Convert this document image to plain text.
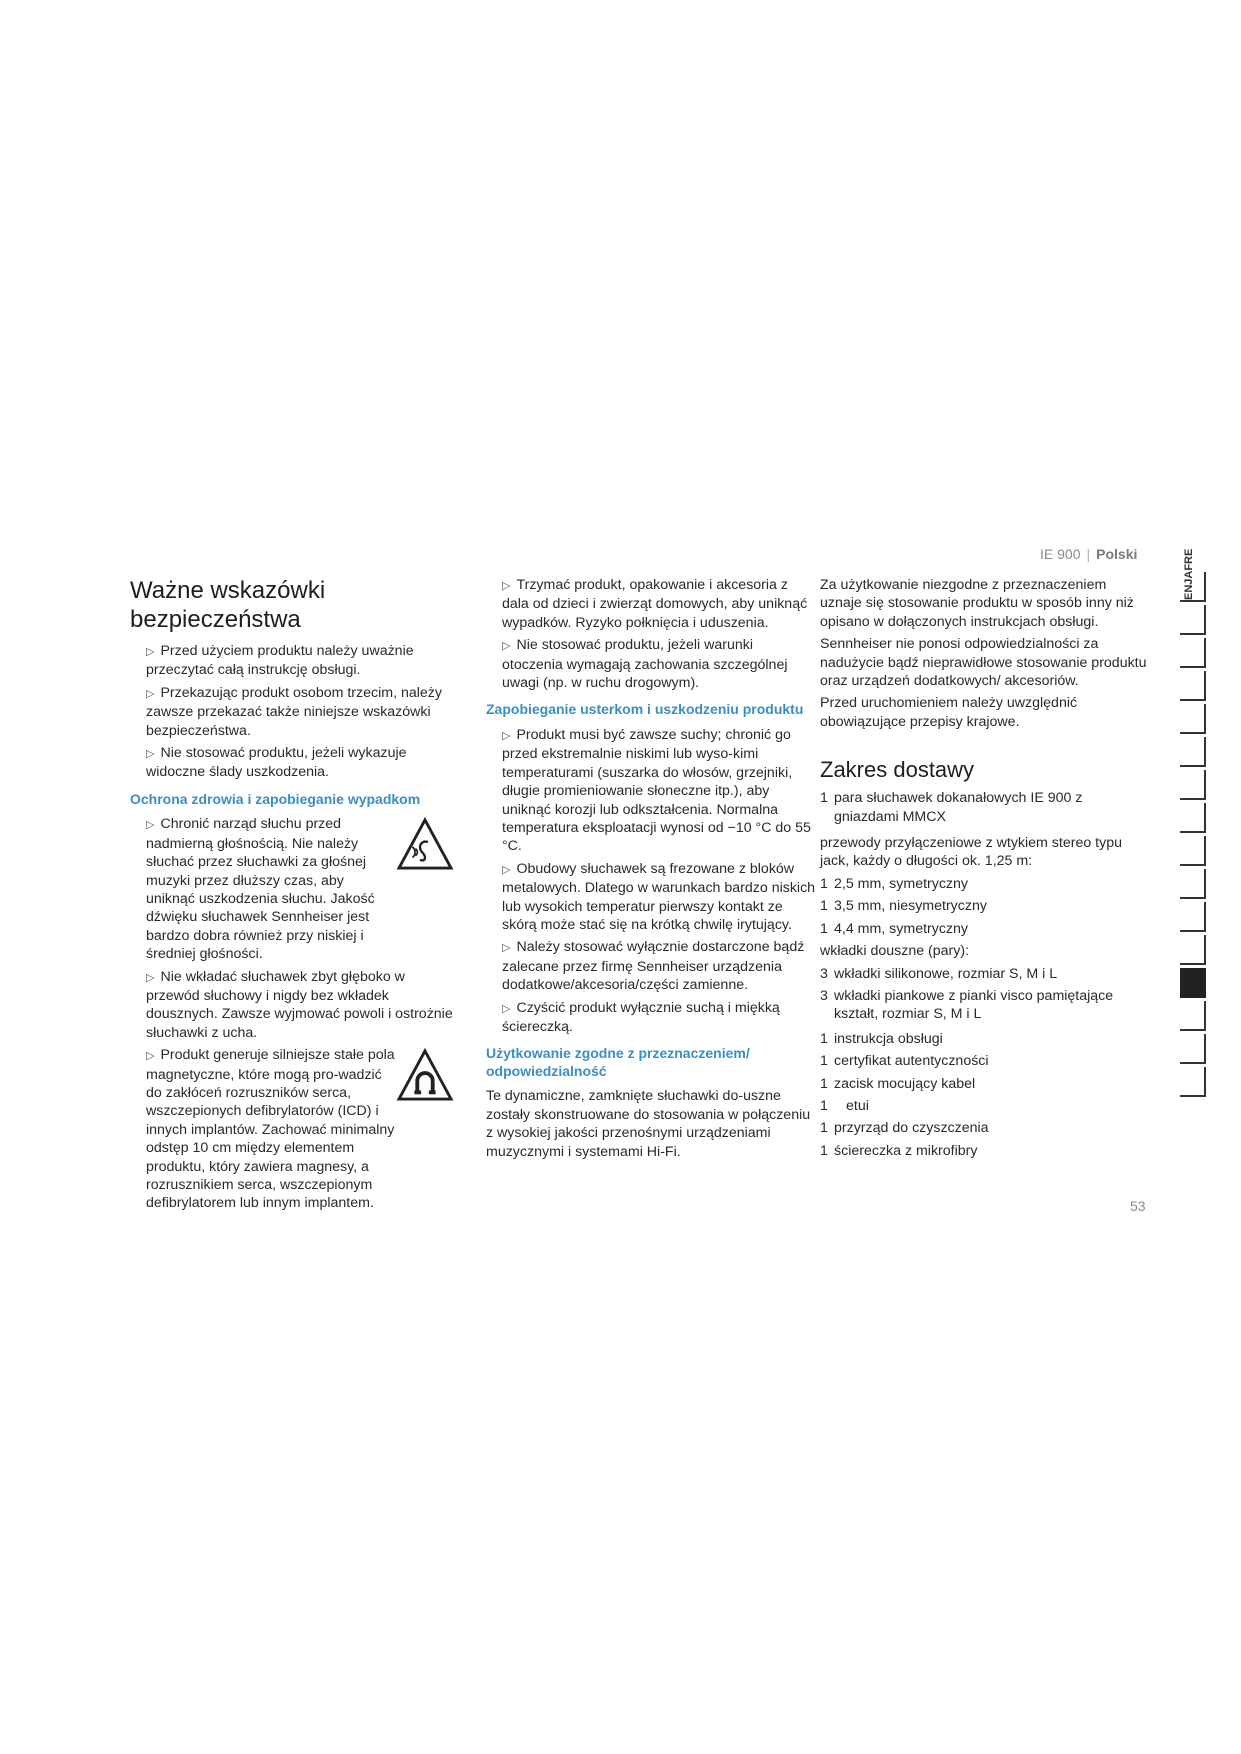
IE 900 | Polski
Ważne wskazówki bezpieczeństwa

▷ Przed użyciem produktu należy uważnie przeczytać całą instrukcję obsługi.

▷ Przekazując produkt osobom trzecim, należy zawsze przekazać także niniejsze wskazówki bezpieczeństwa.

▷ Nie stosować produktu, jeżeli wykazuje widoczne ślady uszkodzenia.

Ochrona zdrowia i zapobieganie wypadkom

▷ Chronić narząd słuchu przed nadmierną głośnością. Nie należy słuchać przez słuchawki za głośnej muzyki przez dłuższy czas, aby uniknąć uszkodzenia słuchu. Jakość dźwięku słuchawek Sennheiser jest bardzo dobra również przy niskiej i średniej głośności.

▷ Nie wkładać słuchawek zbyt głęboko w przewód słuchowy i nigdy bez wkładek dousznych. Zawsze wyjmować powoli i ostrożnie słuchawki z ucha.

▷ Produkt generuje silniejsze stałe pola magnetyczne, które mogą pro-wadzić do zakłóceń rozruszników serca, wszczepionych defibrylatorów (ICD) i innych implantów. Zachować minimalny odstęp 10 cm między elementem produktu, który zawiera magnesy, a rozrusznikiem serca, wszczepionym defibrylatorem lub innym implantem.

▷ Trzymać produkt, opakowanie i akcesoria z dala od dzieci i zwierząt domowych, aby uniknąć wypadków. Ryzyko połknięcia i uduszenia.

▷ Nie stosować produktu, jeżeli warunki otoczenia wymagają zachowania szczególnej uwagi (np. w ruchu drogowym).

Zapobieganie usterkom i uszkodzeniu produktu

▷ Produkt musi być zawsze suchy; chronić go przed ekstremalnie niskimi lub wyso-kimi temperaturami (suszarka do włosów, grzejniki, długie promieniowanie słoneczne itp.), aby uniknąć korozji lub odkształcenia. Normalna temperatura eksploatacji wynosi od −10 °C do 55 °C.

▷ Obudowy słuchawek są frezowane z bloków metalowych. Dlatego w warunkach bardzo niskich lub wysokich temperatur pierwszy kontakt ze skórą może stać się na krótką chwilę irytujący.

▷ Należy stosować wyłącznie dostarczone bądź zalecane przez firmę Sennheiser urządzenia dodatkowe/akcesoria/części zamienne.

▷ Czyścić produkt wyłącznie suchą i miękką ściereczką.

Użytkowanie zgodne z przeznaczeniem/ odpowiedzialność

Te dynamiczne, zamknięte słuchawki do-uszne zostały skonstruowane do stosowania w połączeniu z wysokiej jakości przenośnymi urządzeniami muzycznymi i systemami Hi-Fi.

Za użytkowanie niezgodne z przeznaczeniem uznaje się stosowanie produktu w sposób inny niż opisano w dołączonych instrukcjach obsługi.

Sennheiser nie ponosi odpowiedzialności za nadużycie bądź nieprawidłowe stosowanie produktu oraz urządzeń dodatkowych/ akcesoriów.

Przed uruchomieniem należy uwzględnić obowiązujące przepisy krajowe.

Zakres dostawy
1 para słuchawek dokanałowych IE 900 z gniazdami MMCX

przewody przyłączeniowe z wtykiem stereo typu jack, każdy o długości ok. 1,25 m:

1 2,5 mm, symetryczny
1 3,5 mm, niesymetryczny
1 4,4 mm, symetryczny

wkładki douszne (pary):

3 wkładki silikonowe, rozmiar S, M i L
3 wkładki piankowe z pianki visco pamiętające kształt, rozmiar S, M i L
1 instrukcja obsługi
1 certyfikat autentyczności
1 zacisk mocujący kabel
1	etui
1 przyrząd do czyszczenia
1 ściereczka z mikrofibry
ENJAFRE
53
